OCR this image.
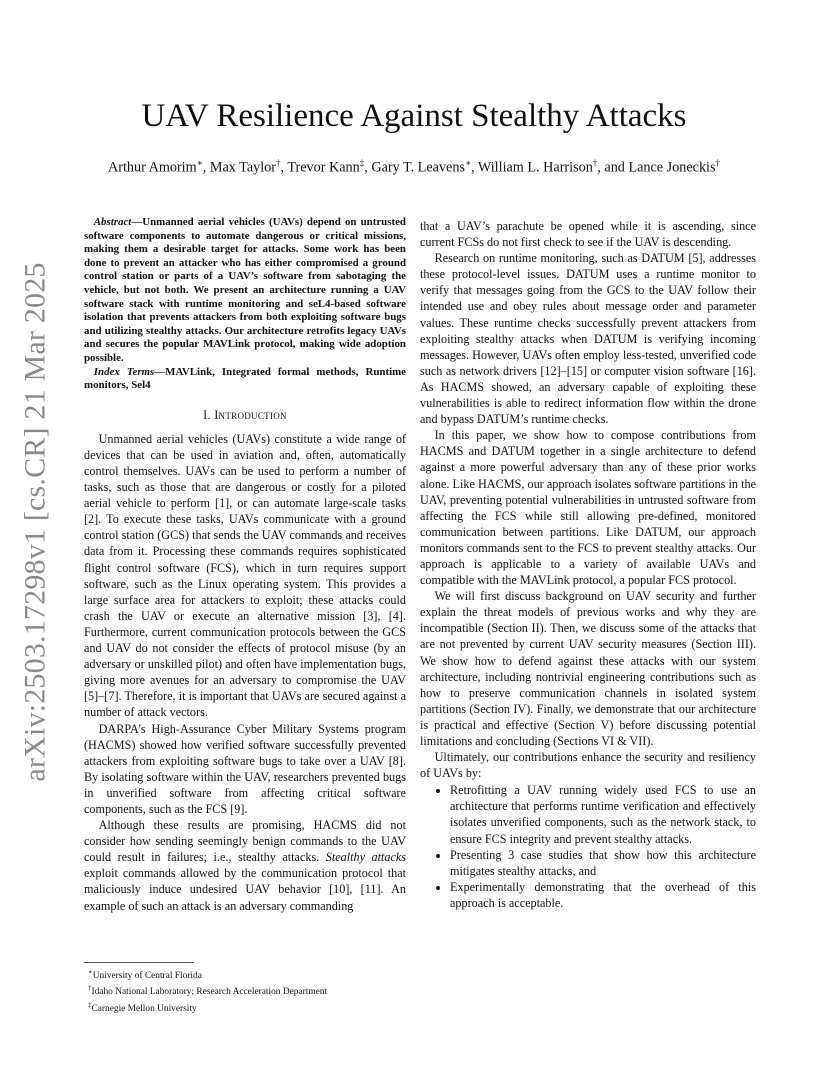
arXiv:2503.17298v1 [cs.CR] 21 Mar 2025
UAV Resilience Against Stealthy Attacks

Arthur Amorim∗, Max Taylor†, Trevor Kann‡, Gary T. Leavens∗, William L. Harrison†, and Lance Joneckis†

Abstract—Unmanned aerial vehicles (UAVs) depend on untrusted software components to automate dangerous or critical missions, making them a desirable target for attacks. Some work has been done to prevent an attacker who has either compromised a ground control station or parts of a UAV’s software from sabotaging the vehicle, but not both. We present an architecture running a UAV software stack with runtime monitoring and seL4-based software isolation that prevents attackers from both exploiting software bugs and utilizing stealthy attacks. Our architecture retrofits legacy UAVs and secures the popular MAVLink protocol, making wide adoption possible.

Index Terms—MAVLink, Integrated formal methods, Runtime monitors, Sel4

I. Introduction

Unmanned aerial vehicles (UAVs) constitute a wide range of devices that can be used in aviation and, often, automatically control themselves. UAVs can be used to perform a number of tasks, such as those that are dangerous or costly for a piloted aerial vehicle to perform [1], or can automate large-scale tasks [2]. To execute these tasks, UAVs communicate with a ground control station (GCS) that sends the UAV commands and receives data from it. Processing these commands requires sophisticated flight control software (FCS), which in turn requires support software, such as the Linux operating system. This provides a large surface area for attackers to exploit; these attacks could crash the UAV or execute an alternative mission [3], [4]. Furthermore, current communication protocols between the GCS and UAV do not consider the effects of protocol misuse (by an adversary or unskilled pilot) and often have implementation bugs, giving more avenues for an adversary to compromise the UAV [5]–[7]. Therefore, it is important that UAVs are secured against a number of attack vectors.

DARPA’s High-Assurance Cyber Military Systems program (HACMS) showed how verified software successfully prevented attackers from exploiting software bugs to take over a UAV [8]. By isolating software within the UAV, researchers prevented bugs in unverified software from affecting critical software components, such as the FCS [9].

Although these results are promising, HACMS did not consider how sending seemingly benign commands to the UAV could result in failures; i.e., stealthy attacks. Stealthy attacks exploit commands allowed by the communication protocol that maliciously induce undesired UAV behavior [10], [11]. An example of such an attack is an adversary commanding

that a UAV’s parachute be opened while it is ascending, since current FCSs do not first check to see if the UAV is descending.

Research on runtime monitoring, such as DATUM [5], addresses these protocol-level issues. DATUM uses a runtime monitor to verify that messages going from the GCS to the UAV follow their intended use and obey rules about message order and parameter values. These runtime checks successfully prevent attackers from exploiting stealthy attacks when DATUM is verifying incoming messages. However, UAVs often employ less-tested, unverified code such as network drivers [12]–[15] or computer vision software [16]. As HACMS showed, an adversary capable of exploiting these vulnerabilities is able to redirect information flow within the drone and bypass DATUM’s runtime checks.

In this paper, we show how to compose contributions from HACMS and DATUM together in a single architecture to defend against a more powerful adversary than any of these prior works alone. Like HACMS, our approach isolates software partitions in the UAV, preventing potential vulnerabilities in untrusted software from affecting the FCS while still allowing pre-defined, monitored communication between partitions. Like DATUM, our approach monitors commands sent to the FCS to prevent stealthy attacks. Our approach is applicable to a variety of available UAVs and compatible with the MAVLink protocol, a popular FCS protocol.

We will first discuss background on UAV security and further explain the threat models of previous works and why they are incompatible (Section II). Then, we discuss some of the attacks that are not prevented by current UAV security measures (Section III). We show how to defend against these attacks with our system architecture, including nontrivial engineering contributions such as how to preserve communication channels in isolated system partitions (Section IV). Finally, we demonstrate that our architecture is practical and effective (Section V) before discussing potential limitations and concluding (Sections VI & VII).

Ultimately, our contributions enhance the security and resiliency of UAVs by:

• Retrofitting a UAV running widely used FCS to use an architecture that performs runtime verification and effectively isolates unverified components, such as the network stack, to ensure FCS integrity and prevent stealthy attacks.
• Presenting 3 case studies that show how this architecture mitigates stealthy attacks, and
• Experimentally demonstrating that the overhead of this approach is acceptable.

∗University of Central Florida

†Idaho National Laboratory; Research Acceleration Department

‡Carnegie Mellon University
